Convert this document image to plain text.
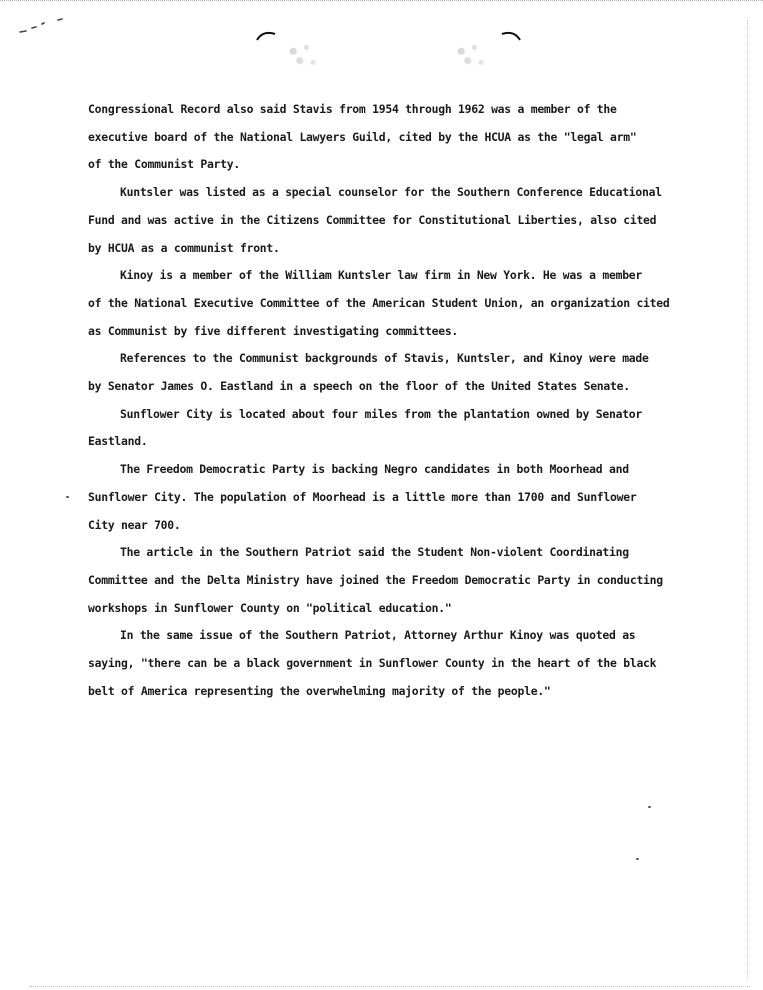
Congressional Record also said Stavis from 1954 through 1962 was a member of the
executive board of the National Lawyers Guild, cited by the HCUA as the "legal arm"
of the Communist Party.
Kuntsler was listed as a special counselor for the Southern Conference Educational
Fund and was active in the Citizens Committee for Constitutional Liberties, also cited
by HCUA as a communist front.
Kinoy is a member of the William Kuntsler law firm in New York. He was a member
of the National Executive Committee of the American Student Union, an organization cited
as Communist by five different investigating committees.
References to the Communist backgrounds of Stavis, Kuntsler, and Kinoy were made
by Senator James O. Eastland in a speech on the floor of the United States Senate.
Sunflower City is located about four miles from the plantation owned by Senator
Eastland.
The Freedom Democratic Party is backing Negro candidates in both Moorhead and
Sunflower City. The population of Moorhead is a little more than 1700 and Sunflower
City near 700.
The article in the Southern Patriot said the Student Non-violent Coordinating
Committee and the Delta Ministry have joined the Freedom Democratic Party in conducting
workshops in Sunflower County on "political education."
In the same issue of the Southern Patriot, Attorney Arthur Kinoy was quoted as
saying, "there can be a black government in Sunflower County in the heart of the black
belt of America representing the overwhelming majority of the people."
